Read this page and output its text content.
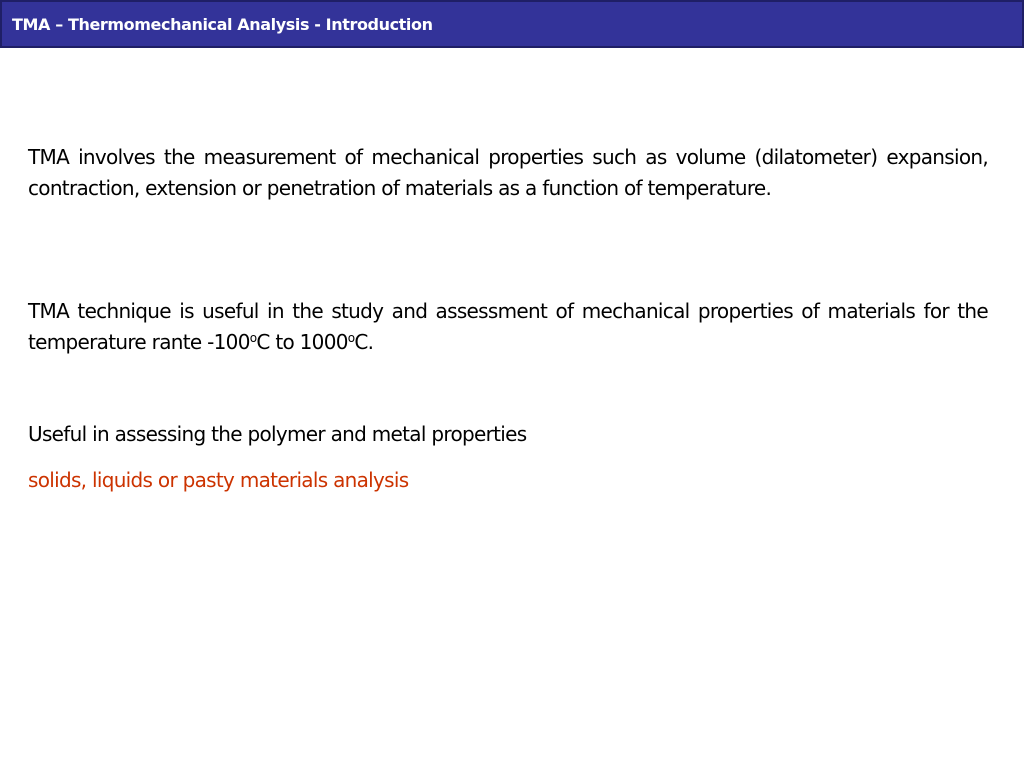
TMA – Thermomechanical Analysis - Introduction

TMA involves the measurement of mechanical properties such as volume (dilatometer) expansion, contraction, extension or penetration of materials as a function of temperature.

TMA technique is useful in the study and assessment of mechanical properties of materials for the temperature rante -100$^o$C to 1000$^o$C.

Useful in assessing the polymer and metal properties

solids, liquids or pasty materials analysis
